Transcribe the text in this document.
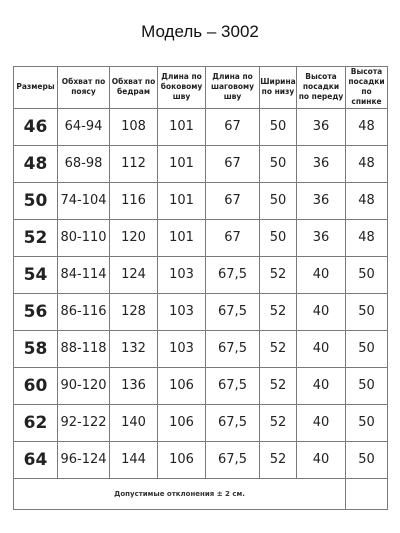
Модель – 3002
Размеры	Обхват по поясу	Обхват по бедрам	Длина по боковому шву	Длина по шаговому шву	Ширина по низу	Высота посадки по переду	Высота посадки по спинке
46	64-94	108	101	67	50	36	48
48	68-98	112	101	67	50	36	48
50	74-104	116	101	67	50	36	48
52	80-110	120	101	67	50	36	48
54	84-114	124	103	67,5	52	40	50
56	86-116	128	103	67,5	52	40	50
58	88-118	132	103	67,5	52	40	50
60	90-120	136	106	67,5	52	40	50
62	92-122	140	106	67,5	52	40	50
64	96-124	144	106	67,5	52	40	50
Допустимые отклонения ± 2 см.							
